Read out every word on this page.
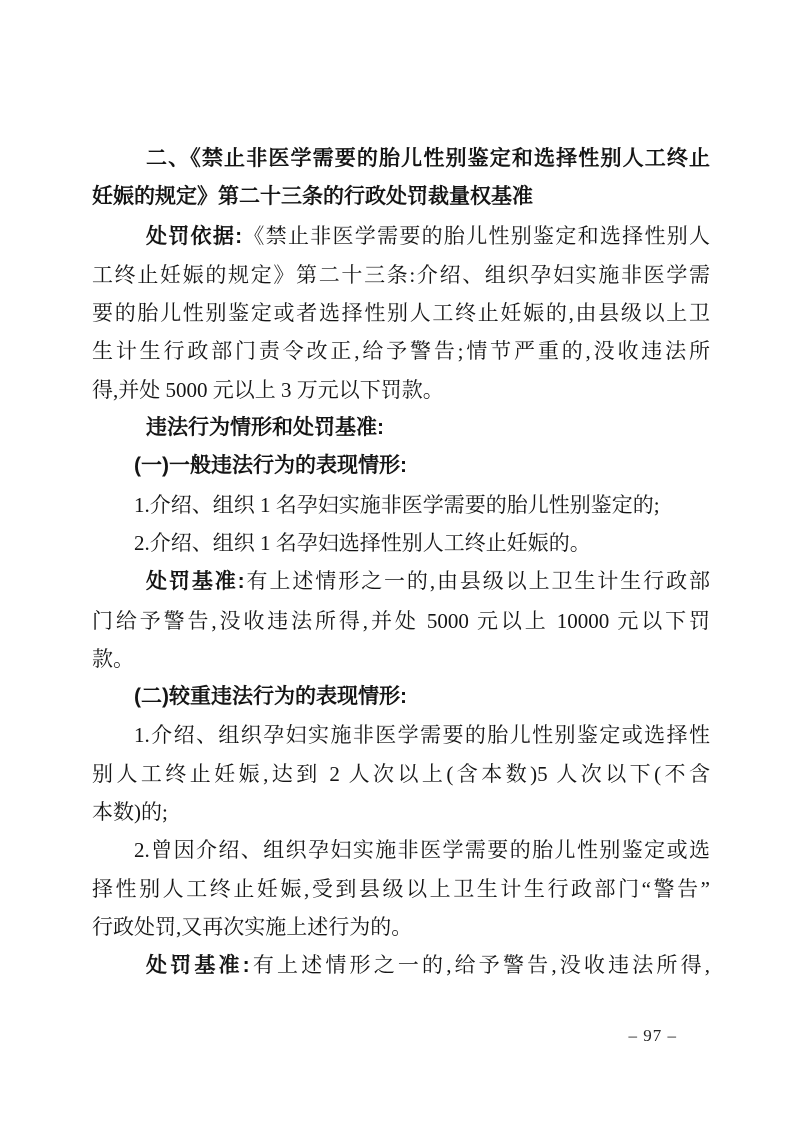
二、《禁止非医学需要的胎儿性别鉴定和选择性别人工终止
妊娠的规定》第二十三条的行政处罚裁量权基准
处罚依据:《禁止非医学需要的胎儿性别鉴定和选择性别人
工终止妊娠的规定》第二十三条:介绍、组织孕妇实施非医学需
要的胎儿性别鉴定或者选择性别人工终止妊娠的,由县级以上卫
生计生行政部门责令改正,给予警告;情节严重的,没收违法所
得,并处 5000 元以上 3 万元以下罚款。
违法行为情形和处罚基准:
(一)一般违法行为的表现情形:
1.介绍、组织 1 名孕妇实施非医学需要的胎儿性别鉴定的;
2.介绍、组织 1 名孕妇选择性别人工终止妊娠的。
处罚基准:有上述情形之一的,由县级以上卫生计生行政部
门给予警告,没收违法所得,并处 5000 元以上 10000 元以下罚
款。
(二)较重违法行为的表现情形:
1.介绍、组织孕妇实施非医学需要的胎儿性别鉴定或选择性
别人工终止妊娠,达到 2 人次以上(含本数)5 人次以下(不含
本数)的;
2.曾因介绍、组织孕妇实施非医学需要的胎儿性别鉴定或选
择性别人工终止妊娠,受到县级以上卫生计生行政部门“警告”
行政处罚,又再次实施上述行为的。
处罚基准:有上述情形之一的,给予警告,没收违法所得,
– 97 –
